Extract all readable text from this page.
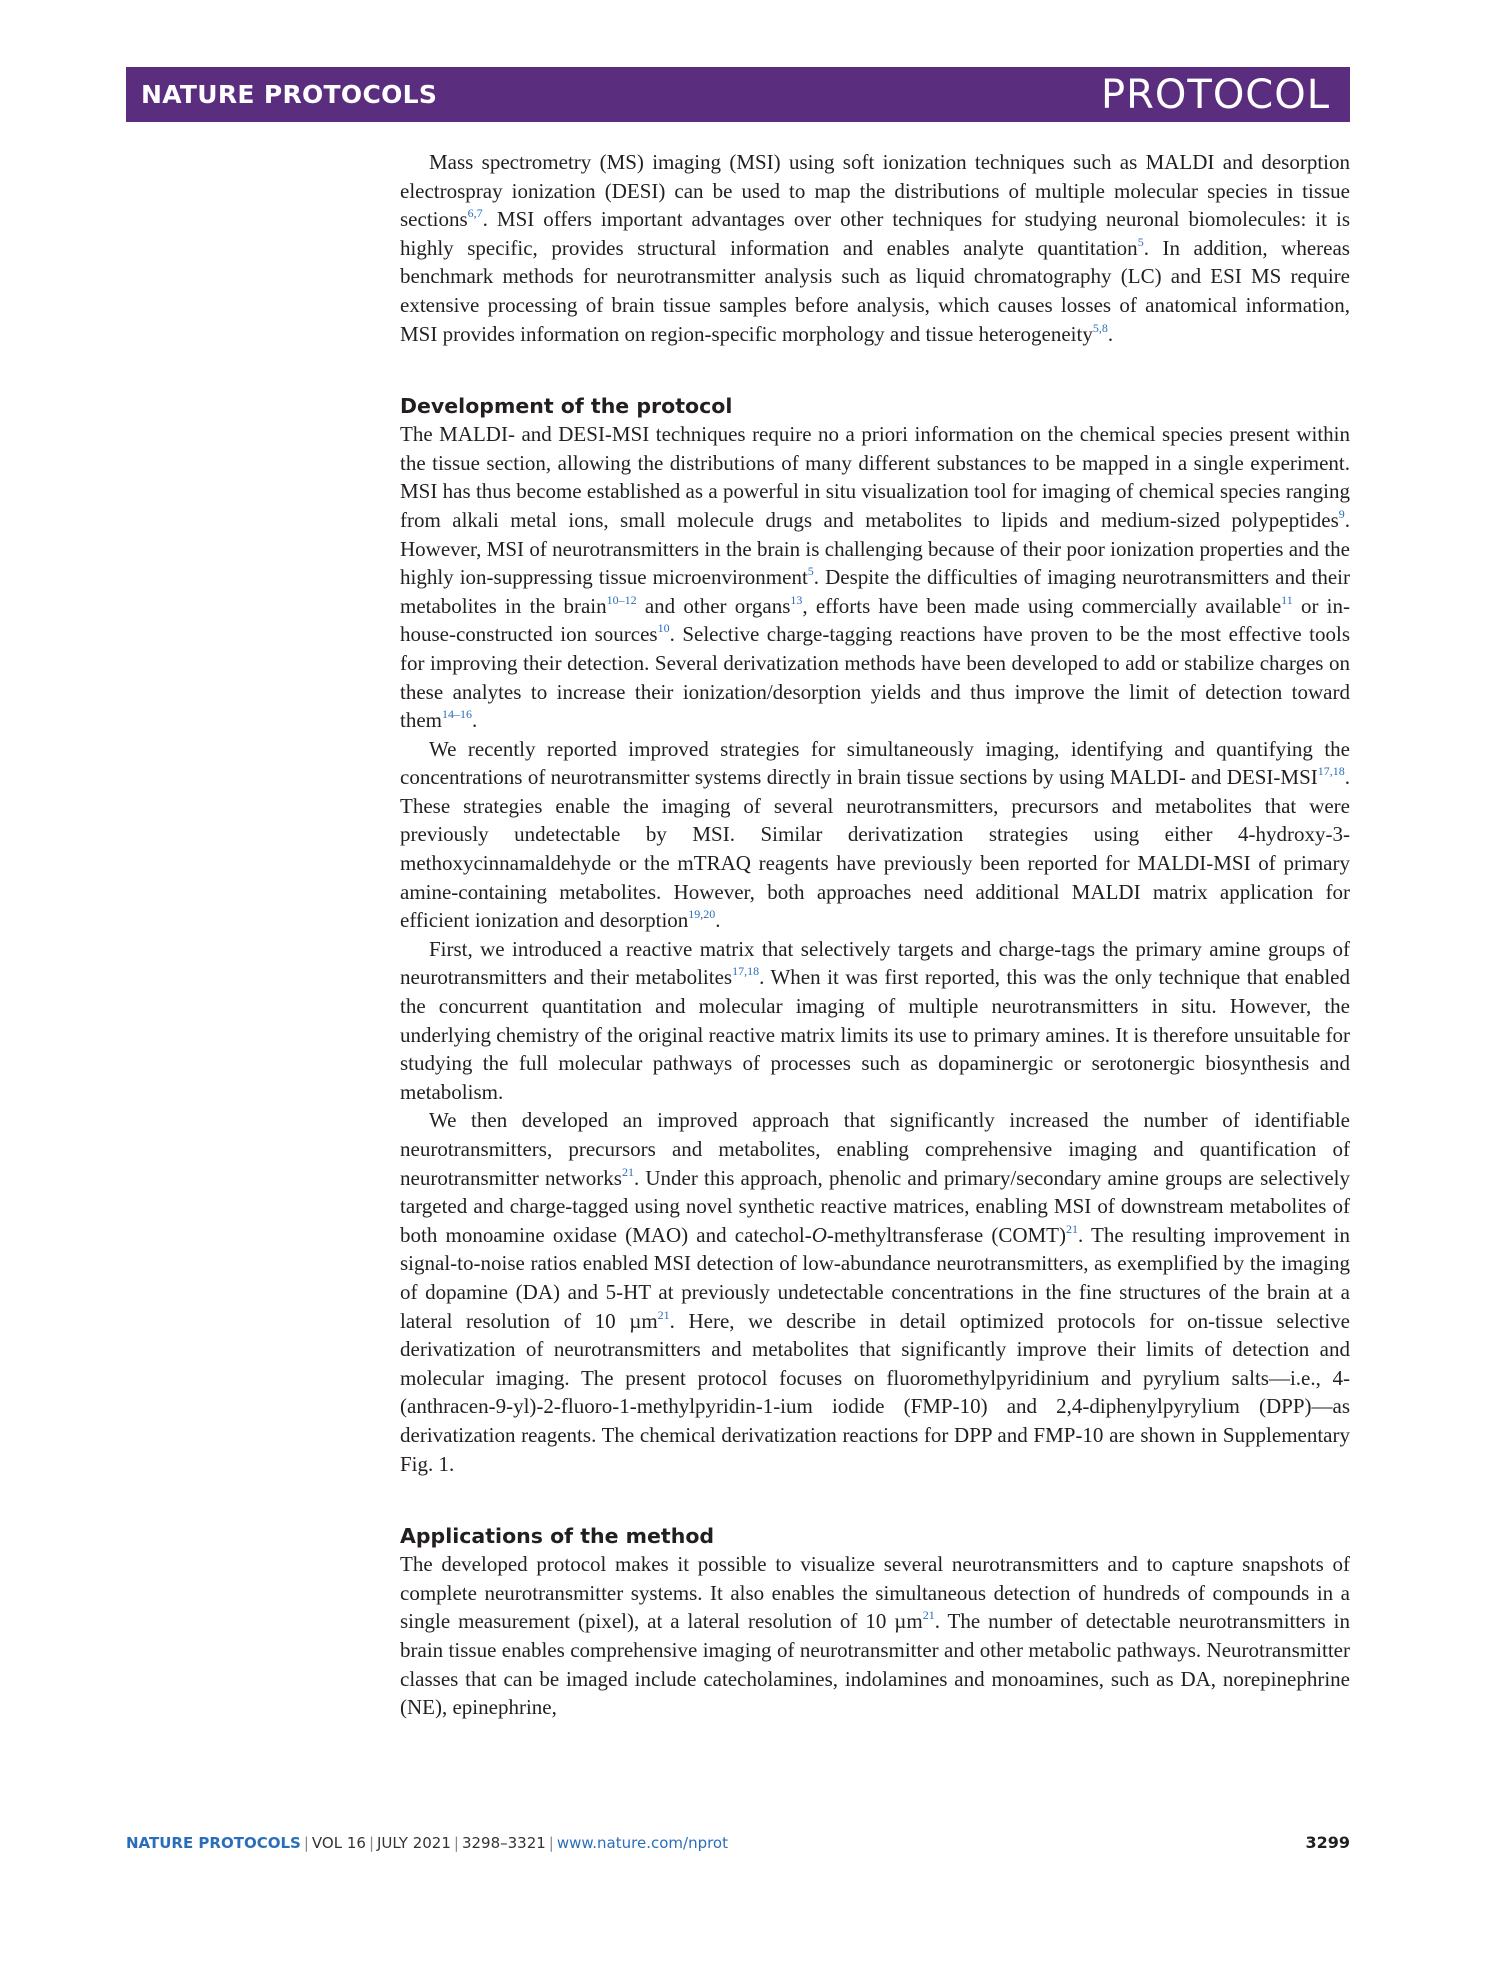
NATURE PROTOCOLS	PROTOCOL

Mass spectrometry (MS) imaging (MSI) using soft ionization techniques such as MALDI and desorption electrospray ionization (DESI) can be used to map the distributions of multiple molecular species in tissue sections$^{6,7}$. MSI offers important advantages over other techniques for studying neuronal biomolecules: it is highly specific, provides structural information and enables analyte quantitation$^5$. In addition, whereas benchmark methods for neurotransmitter analysis such as liquid chromatography (LC) and ESI MS require extensive processing of brain tissue samples before analysis, which causes losses of anatomical information, MSI provides information on region-specific morphology and tissue heterogeneity$^{5,8}$.

Development of the protocol

The MALDI- and DESI-MSI techniques require no a priori information on the chemical species present within the tissue section, allowing the distributions of many different substances to be mapped in a single experiment. MSI has thus become established as a powerful in situ visualization tool for imaging of chemical species ranging from alkali metal ions, small molecule drugs and metabolites to lipids and medium-sized polypeptides$^9$. However, MSI of neurotransmitters in the brain is challenging because of their poor ionization properties and the highly ion-suppressing tissue microenvironment$^5$. Despite the difficulties of imaging neurotransmitters and their metabolites in the brain$^{10-12}$ and other organs$^{13}$, efforts have been made using commercially available$^{11}$ or in-house-constructed ion sources$^{10}$. Selective charge-tagging reactions have proven to be the most effective tools for improving their detection. Several derivatization methods have been developed to add or stabilize charges on these analytes to increase their ionization/desorption yields and thus improve the limit of detection toward them$^{14-16}$.

We recently reported improved strategies for simultaneously imaging, identifying and quantifying the concentrations of neurotransmitter systems directly in brain tissue sections by using MALDI- and DESI-MSI$^{17,18}$. These strategies enable the imaging of several neurotransmitters, precursors and metabolites that were previously undetectable by MSI. Similar derivatization strategies using either 4-hydroxy-3-methoxycinnamaldehyde or the mTRAQ reagents have previously been reported for MALDI-MSI of primary amine-containing metabolites. However, both approaches need additional MALDI matrix application for efficient ionization and desorption$^{19,20}$.

First, we introduced a reactive matrix that selectively targets and charge-tags the primary amine groups of neurotransmitters and their metabolites$^{17,18}$. When it was first reported, this was the only technique that enabled the concurrent quantitation and molecular imaging of multiple neurotransmitters in situ. However, the underlying chemistry of the original reactive matrix limits its use to primary amines. It is therefore unsuitable for studying the full molecular pathways of processes such as dopaminergic or serotonergic biosynthesis and metabolism.

We then developed an improved approach that significantly increased the number of identifiable neurotransmitters, precursors and metabolites, enabling comprehensive imaging and quantification of neurotransmitter networks$^{21}$. Under this approach, phenolic and primary/secondary amine groups are selectively targeted and charge-tagged using novel synthetic reactive matrices, enabling MSI of downstream metabolites of both monoamine oxidase (MAO) and catechol-O-methyltransferase (COMT)$^{21}$. The resulting improvement in signal-to-noise ratios enabled MSI detection of low-abundance neurotransmitters, as exemplified by the imaging of dopamine (DA) and 5-HT at previously undetectable concentrations in the fine structures of the brain at a lateral resolution of 10 µm$^{21}$. Here, we describe in detail optimized protocols for on-tissue selective derivatization of neurotransmitters and metabolites that significantly improve their limits of detection and molecular imaging. The present protocol focuses on fluoromethylpyridinium and pyrylium salts—i.e., 4-(anthracen-9-yl)-2-fluoro-1-methylpyridin-1-ium iodide (FMP-10) and 2,4-diphenylpyrylium (DPP)—as derivatization reagents. The chemical derivatization reactions for DPP and FMP-10 are shown in Supplementary Fig. 1.

Applications of the method

The developed protocol makes it possible to visualize several neurotransmitters and to capture snapshots of complete neurotransmitter systems. It also enables the simultaneous detection of hundreds of compounds in a single measurement (pixel), at a lateral resolution of 10 µm$^{21}$. The number of detectable neurotransmitters in brain tissue enables comprehensive imaging of neurotransmitter and other metabolic pathways. Neurotransmitter classes that can be imaged include catecholamines, indolamines and monoamines, such as DA, norepinephrine (NE), epinephrine,

NATURE PROTOCOLS | VOL 16 | JULY 2021 | 3298–3321 | www.nature.com/nprot	3299
